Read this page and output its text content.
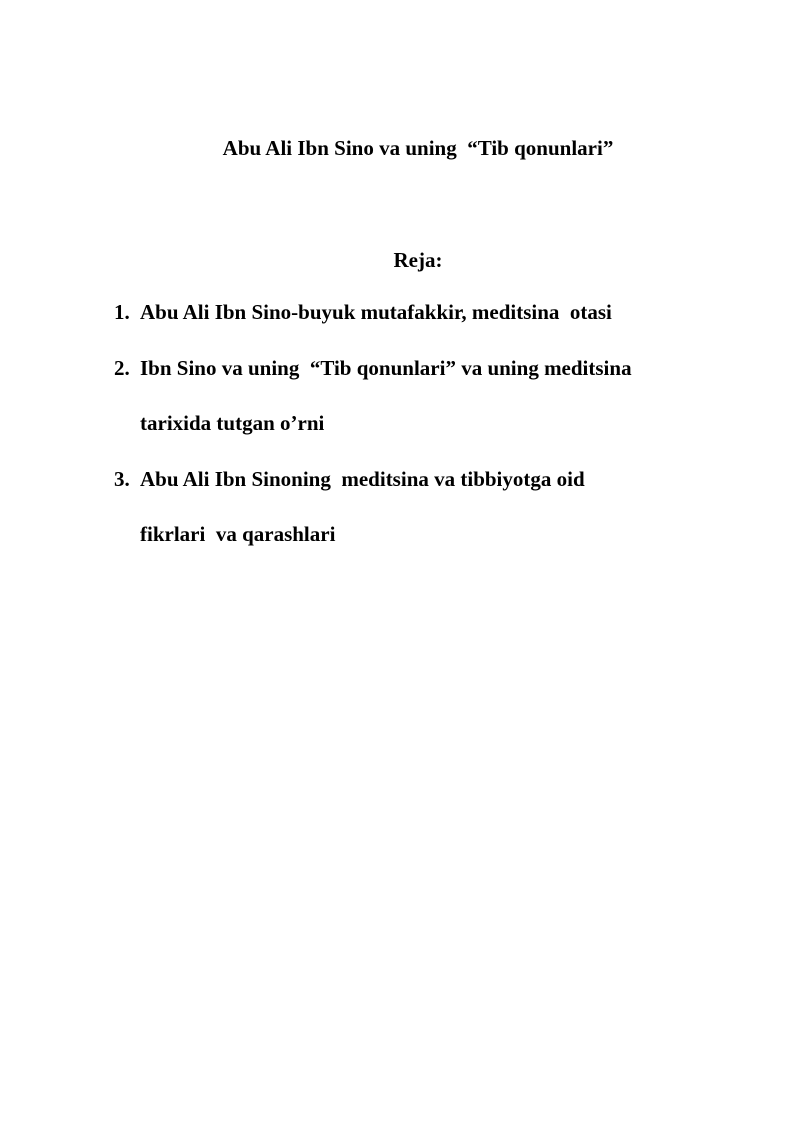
Abu Ali Ibn Sino va uning  “Tib qonunlari”
Reja:
1. Abu Ali Ibn Sino-buyuk mutafakkir, meditsina  otasi
2. Ibn Sino va uning  “Tib qonunlari” va uning meditsina
tarixida tutgan o’rni
3. Abu Ali Ibn Sinoning  meditsina va tibbiyotga oid
fikrlari  va qarashlari
